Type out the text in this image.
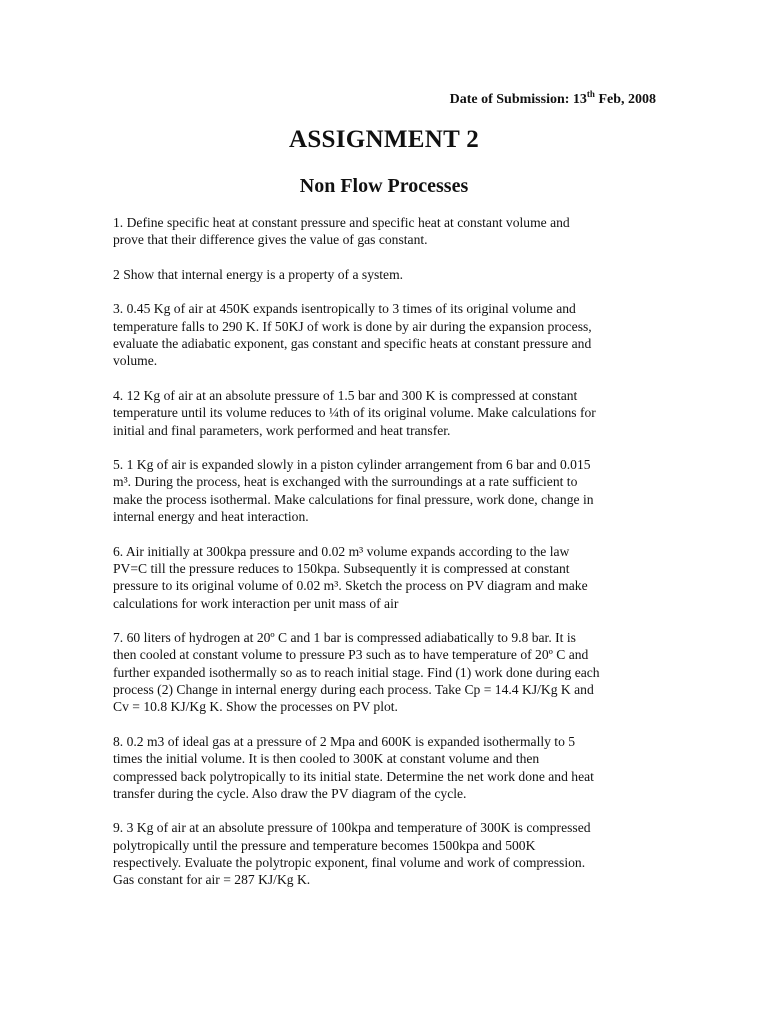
Date of Submission: 13th Feb, 2008
ASSIGNMENT 2
Non Flow Processes

1. Define specific heat at constant pressure and specific heat at constant volume and
prove that their difference gives the value of gas constant.

2 Show that internal energy is a property of a system.

3. 0.45 Kg of air at 450K expands isentropically to 3 times of its original volume and
temperature falls to 290 K. If 50KJ of work is done by air during the expansion process,
evaluate the adiabatic exponent, gas constant and specific heats at constant pressure and
volume.

4. 12 Kg of air at an absolute pressure of 1.5 bar and 300 K is compressed at constant
temperature until its volume reduces to ¼th of its original volume. Make calculations for
initial and final parameters, work performed and heat transfer.

5. 1 Kg of air is expanded slowly in a piston cylinder arrangement from 6 bar and 0.015
m³. During the process, heat is exchanged with the surroundings at a rate sufficient to
make the process isothermal. Make calculations for final pressure, work done, change in
internal energy and heat interaction.

6. Air initially at 300kpa pressure and 0.02 m³ volume expands according to the law
PV=C till the pressure reduces to 150kpa. Subsequently it is compressed at constant
pressure to its original volume of 0.02 m³. Sketch the process on PV diagram and make
calculations for work interaction per unit mass of air

7. 60 liters of hydrogen at 20º C and 1 bar is compressed adiabatically to 9.8 bar. It is
then cooled at constant volume to pressure P3 such as to have temperature of 20º C and
further expanded isothermally so as to reach initial stage. Find (1) work done during each
process (2) Change in internal energy during each process. Take Cp = 14.4 KJ/Kg K and
Cv = 10.8 KJ/Kg K. Show the processes on PV plot.

8. 0.2 m3 of ideal gas at a pressure of 2 Mpa and 600K is expanded isothermally to 5
times the initial volume. It is then cooled to 300K at constant volume and then
compressed back polytropically to its initial state. Determine the net work done and heat
transfer during the cycle. Also draw the PV diagram of the cycle.

9. 3 Kg of air at an absolute pressure of 100kpa and temperature of 300K is compressed
polytropically until the pressure and temperature becomes 1500kpa and 500K
respectively. Evaluate the polytropic exponent, final volume and work of compression.
Gas constant for air = 287 KJ/Kg K.
